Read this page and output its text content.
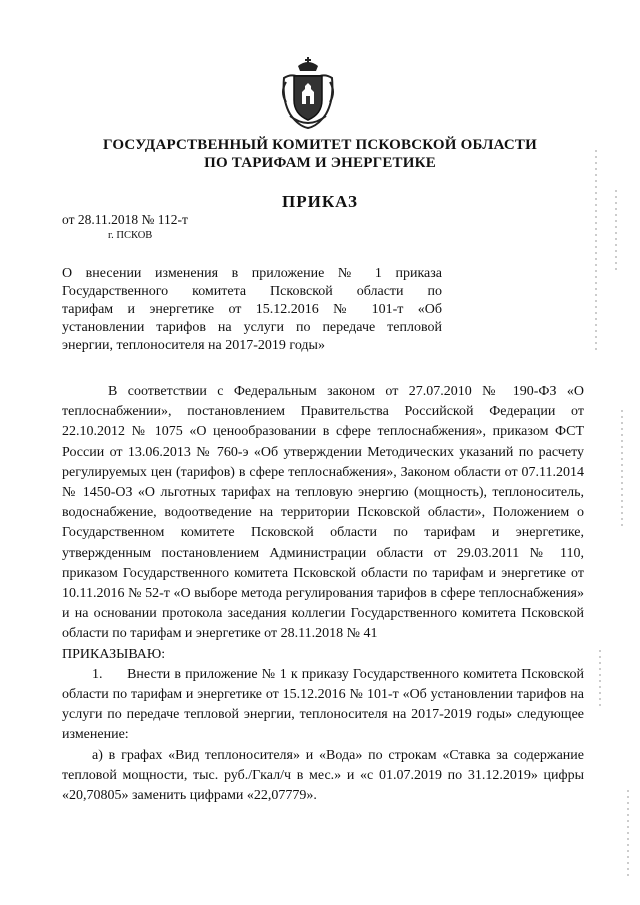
ГОСУДАРСТВЕННЫЙ КОМИТЕТ ПСКОВСКОЙ ОБЛАСТИ
ПО ТАРИФАМ И ЭНЕРГЕТИКЕ
ПРИКАЗ
от 28.11.2018 № 112-т
г. ПСКОВ
О внесении изменения в приложение № 1 приказа
Государственного комитета Псковской области по
тарифам и энергетике от 15.12.2016 № 101-т «Об
установлении тарифов на услуги по передаче тепловой
энергии, теплоносителя на 2017-2019 годы»

В соответствии с Федеральным законом от 27.07.2010 № 190-ФЗ «О теплоснабжении», постановлением Правительства Российской Федерации от 22.10.2012 № 1075 «О ценообразовании в сфере теплоснабжения», приказом ФСТ России от 13.06.2013 № 760-э «Об утверждении Методических указаний по расчету регулируемых цен (тарифов) в сфере теплоснабжения», Законом области от 07.11.2014 № 1450-ОЗ «О льготных тарифах на тепловую энергию (мощность), теплоноситель, водоснабжение, водоотведение на территории Псковской области», Положением о Государственном комитете Псковской области по тарифам и энергетике, утвержденным постановлением Администрации области от 29.03.2011 № 110, приказом Государственного комитета Псковской области по тарифам и энергетике от 10.11.2016 № 52-т «О выборе метода регулирования тарифов в сфере теплоснабжения» и на основании протокола заседания коллегии Государственного комитета Псковской области по тарифам и энергетике от 28.11.2018 № 41

ПРИКАЗЫВАЮ:

1.      Внести в приложение № 1 к приказу Государственного комитета Псковской области по тарифам и энергетике от 15.12.2016 № 101-т «Об установлении тарифов на услуги по передаче тепловой энергии, теплоносителя на 2017-2019 годы» следующее изменение:

а) в графах «Вид теплоносителя» и «Вода» по строкам «Ставка за содержание тепловой мощности, тыс. руб./Гкал/ч в мес.» и «с 01.07.2019 по 31.12.2019» цифры «20,70805» заменить цифрами «22,07779».
